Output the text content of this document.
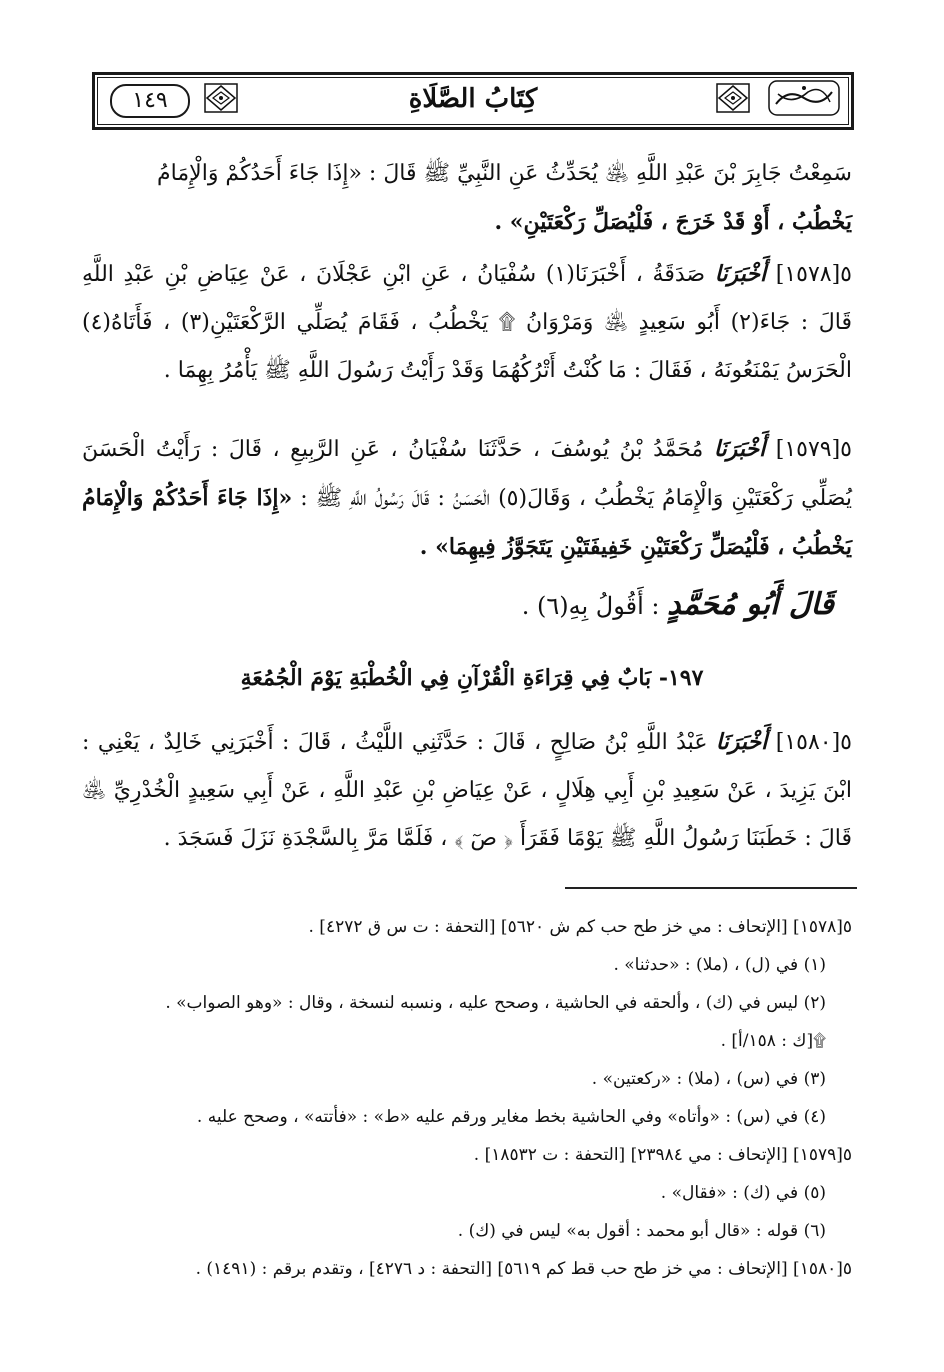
كِتَابُ الصَّلَاةِ
١٤٩
سَمِعْتُ جَابِرَ بْنَ عَبْدِ اللَّهِ ﵁ يُحَدِّثُ عَنِ النَّبِيِّ ﷺ قَالَ : «إِذَا جَاءَ أَحَدُكُمْ وَالْإِمَامُ
يَخْطُبُ ، أَوْ قَدْ خَرَجَ ، فَلْيُصَلِّ رَكْعَتَيْنِ» .
٥[١٥٧٨] أَخْبَرَنَا صَدَقَةُ ، أَخْبَرَنَا(١) سُفْيَانُ ، عَنِ ابْنِ عَجْلَانَ ، عَنْ عِيَاضِ بْنِ عَبْدِ اللَّهِ قَالَ : جَاءَ(٢) أَبُو سَعِيدٍ ﵁ وَمَرْوَانُ ۩ يَخْطُبُ ، فَقَامَ يُصَلِّي الرَّكْعَتَيْنِ(٣) ، فَأَتَاهُ(٤) الْحَرَسُ يَمْنَعُونَهُ ، فَقَالَ : مَا كُنْتُ أَتْرُكُهُمَا وَقَدْ رَأَيْتُ رَسُولَ اللَّهِ ﷺ يَأْمُرُ بِهِمَا .
٥[١٥٧٩] أَخْبَرَنَا مُحَمَّدُ بْنُ يُوسُفَ ، حَدَّثَنَا سُفْيَانُ ، عَنِ الرَّبِيعِ ، قَالَ : رَأَيْتُ الْحَسَنَ يُصَلِّي رَكْعَتَيْنِ وَالْإِمَامُ يَخْطُبُ ، وَقَالَ(٥) الْحَسَنُ : قَالَ رَسُولُ اللَّهِ ﷺ : «إِذَا جَاءَ أَحَدُكُمْ وَالْإِمَامُ يَخْطُبُ ، فَلْيُصَلِّ رَكْعَتَيْنِ خَفِيفَتَيْنِ يَتَجَوَّزُ فِيهِمَا» .
قَالَ أَبُو مُحَمَّدٍ : أَقُولُ بِهِ(٦) .
١٩٧- بَابٌ فِي قِرَاءَةِ الْقُرْآنِ فِي الْخُطْبَةِ يَوْمَ الْجُمُعَةِ
٥[١٥٨٠] أَخْبَرَنَا عَبْدُ اللَّهِ بْنُ صَالِحٍ ، قَالَ : حَدَّثَنِي اللَّيْثُ ، قَالَ : أَخْبَرَنِي خَالِدٌ ، يَعْنِي : ابْنَ يَزِيدَ ، عَنْ سَعِيدِ بْنِ أَبِي هِلَالٍ ، عَنْ عِيَاضِ بْنِ عَبْدِ اللَّهِ ، عَنْ أَبِي سَعِيدٍ الْخُدْرِيِّ ﵁ قَالَ : خَطَبَنَا رَسُولُ اللَّهِ ﷺ يَوْمًا فَقَرَأَ ﴿ صٓ ﴾ ، فَلَمَّا مَرَّ بِالسَّجْدَةِ نَزَلَ فَسَجَدَ .
٥[١٥٧٨] [الإتحاف : مي خز طح حب كم ش ٥٦٢٠] [التحفة : ت س ق ٤٢٧٢] .
(١) في (ل) ، (ملا) : «حدثنا» .
(٢) ليس في (ك) ، وألحقه في الحاشية ، وصحح عليه ، ونسبه لنسخة ، وقال : «وهو الصواب» .
۩[ك : ١٥٨/أ] .
(٣) في (س) ، (ملا) : «ركعتين» .
(٤) في (س) : «وأتاه» وفي الحاشية بخط مغاير ورقم عليه «ط» : «فأتته» ، وصحح عليه .
٥[١٥٧٩] [الإتحاف : مي ٢٣٩٨٤] [التحفة : ت ١٨٥٣٢] .
(٥) في (ك) : «فقال» .
(٦) قوله : «قال أبو محمد : أقول به» ليس في (ك) .
٥[١٥٨٠] [الإتحاف : مي خز طح حب قط كم ٥٦١٩] [التحفة : د ٤٢٧٦] ، وتقدم برقم : (١٤٩١) .
